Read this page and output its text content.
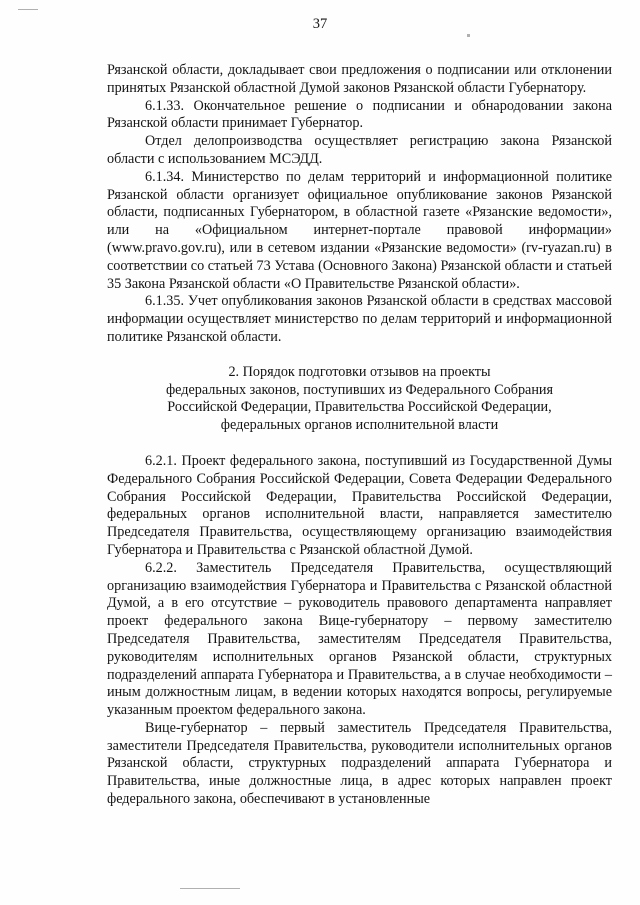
37

Рязанской области, докладывает свои предложения о подписании или отклонении принятых Рязанской областной Думой законов Рязанской области Губернатору.

6.1.33. Окончательное решение о подписании и обнародовании закона Рязанской области принимает Губернатор.

Отдел делопроизводства осуществляет регистрацию закона Рязанской области с использованием МСЭДД.

6.1.34. Министерство по делам территорий и информационной политике Рязанской области организует официальное опубликование законов Рязанской области, подписанных Губернатором, в областной газете «Рязанские ведомости», или на «Официальном интернет-портале правовой информации» (www.pravo.gov.ru), или в сетевом издании «Рязанские ведомости» (rv-ryazan.ru) в соответствии со статьей 73 Устава (Основного Закона) Рязанской области и статьей 35 Закона Рязанской области «О Правительстве Рязанской области».

6.1.35. Учет опубликования законов Рязанской области в средствах массовой информации осуществляет министерство по делам территорий и информационной политике Рязанской области.

2. Порядок подготовки отзывов на проекты
федеральных законов, поступивших из Федерального Собрания
Российской Федерации, Правительства Российской Федерации,
федеральных органов исполнительной власти

6.2.1. Проект федерального закона, поступивший из Государственной Думы Федерального Собрания Российской Федерации, Совета Федерации Федерального Собрания Российской Федерации, Правительства Российской Федерации, федеральных органов исполнительной власти, направляется заместителю Председателя Правительства, осуществляющему организацию взаимодействия Губернатора и Правительства с Рязанской областной Думой.

6.2.2. Заместитель Председателя Правительства, осуществляющий организацию взаимодействия Губернатора и Правительства с Рязанской областной Думой, а в его отсутствие – руководитель правового департамента направляет проект федерального закона Вице-губернатору – первому заместителю Председателя Правительства, заместителям Председателя Правительства, руководителям исполнительных органов Рязанской области, структурных подразделений аппарата Губернатора и Правительства, а в случае необходимости – иным должностным лицам, в ведении которых находятся вопросы, регулируемые указанным проектом федерального закона.

Вице-губернатор – первый заместитель Председателя Правительства, заместители Председателя Правительства, руководители исполнительных органов Рязанской области, структурных подразделений аппарата Губернатора и Правительства, иные должностные лица, в адрес которых направлен проект федерального закона, обеспечивают в установленные
